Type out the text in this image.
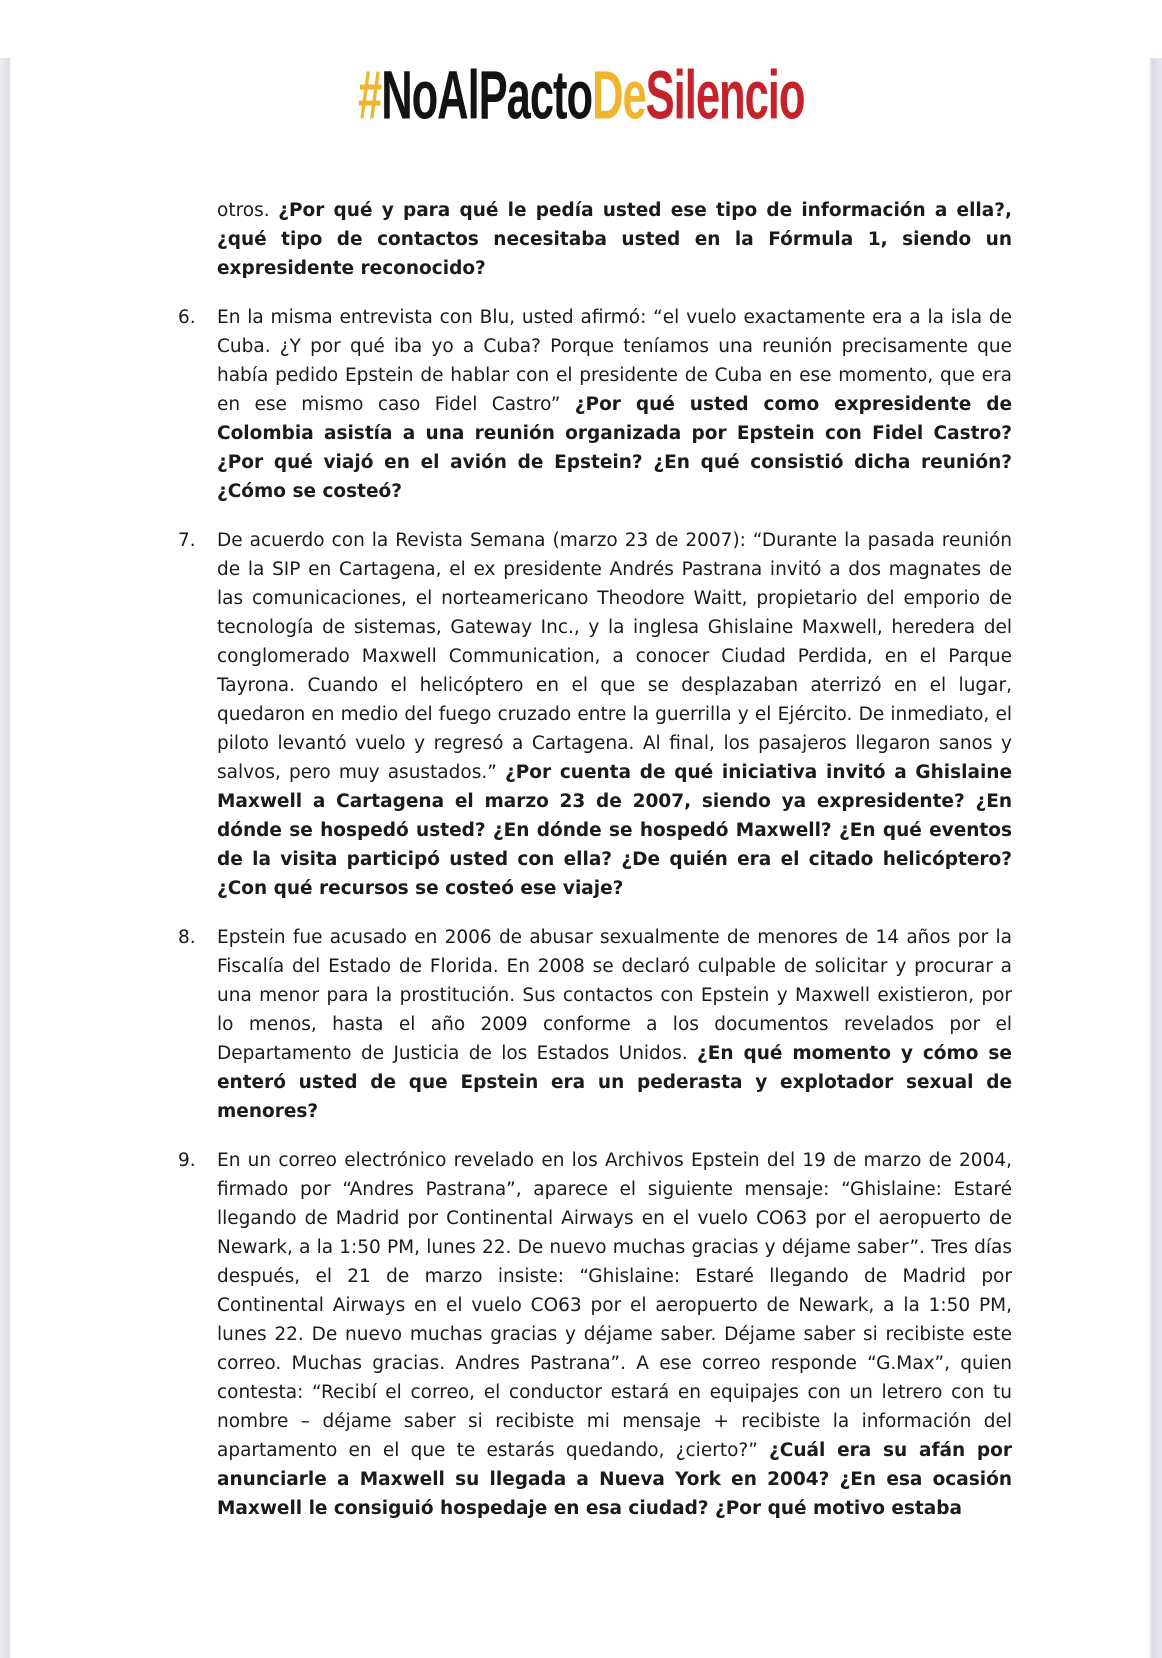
#NoAlPactoDeSilencio

otros. ¿Por qué y para qué le pedía usted ese tipo de información a ella?, ¿qué tipo de contactos necesitaba usted en la Fórmula 1, siendo un expresidente reconocido?

6. En la misma entrevista con Blu, usted afirmó: “el vuelo exactamente era a la isla de Cuba. ¿Y por qué iba yo a Cuba? Porque teníamos una reunión precisamente que había pedido Epstein de hablar con el presidente de Cuba en ese momento, que era en ese mismo caso Fidel Castro” ¿Por qué usted como expresidente de Colombia asistía a una reunión organizada por Epstein con Fidel Castro? ¿Por qué viajó en el avión de Epstein? ¿En qué consistió dicha reunión? ¿Cómo se costeó?
7. De acuerdo con la Revista Semana (marzo 23 de 2007): “Durante la pasada reunión de la SIP en Cartagena, el ex presidente Andrés Pastrana invitó a dos magnates de las comunicaciones, el norteamericano Theodore Waitt, propietario del emporio de tecnología de sistemas, Gateway Inc., y la inglesa Ghislaine Maxwell, heredera del conglomerado Maxwell Communication, a conocer Ciudad Perdida, en el Parque Tayrona. Cuando el helicóptero en el que se desplazaban aterrizó en el lugar, quedaron en medio del fuego cruzado entre la guerrilla y el Ejército. De inmediato, el piloto levantó vuelo y regresó a Cartagena. Al final, los pasajeros llegaron sanos y salvos, pero muy asustados.” ¿Por cuenta de qué iniciativa invitó a Ghislaine Maxwell a Cartagena el marzo 23 de 2007, siendo ya expresidente? ¿En dónde se hospedó usted? ¿En dónde se hospedó Maxwell? ¿En qué eventos de la visita participó usted con ella? ¿De quién era el citado helicóptero? ¿Con qué recursos se costeó ese viaje?
8. Epstein fue acusado en 2006 de abusar sexualmente de menores de 14 años por la Fiscalía del Estado de Florida. En 2008 se declaró culpable de solicitar y procurar a una menor para la prostitución. Sus contactos con Epstein y Maxwell existieron, por lo menos, hasta el año 2009 conforme a los documentos revelados por el Departamento de Justicia de los Estados Unidos. ¿En qué momento y cómo se enteró usted de que Epstein era un pederasta y explotador sexual de menores?
9. En un correo electrónico revelado en los Archivos Epstein del 19 de marzo de 2004, firmado por “Andres Pastrana”, aparece el siguiente mensaje: “Ghislaine: Estaré llegando de Madrid por Continental Airways en el vuelo CO63 por el aeropuerto de Newark, a la 1:50 PM, lunes 22. De nuevo muchas gracias y déjame saber”. Tres días después, el 21 de marzo insiste: “Ghislaine: Estaré llegando de Madrid por Continental Airways en el vuelo CO63 por el aeropuerto de Newark, a la 1:50 PM, lunes 22. De nuevo muchas gracias y déjame saber. Déjame saber si recibiste este correo. Muchas gracias. Andres Pastrana”. A ese correo responde “G.Max”, quien contesta: “Recibí el correo, el conductor estará en equipajes con un letrero con tu nombre – déjame saber si recibiste mi mensaje + recibiste la información del apartamento en el que te estarás quedando, ¿cierto?” ¿Cuál era su afán por anunciarle a Maxwell su llegada a Nueva York en 2004? ¿En esa ocasión Maxwell le consiguió hospedaje en esa ciudad? ¿Por qué motivo estaba
